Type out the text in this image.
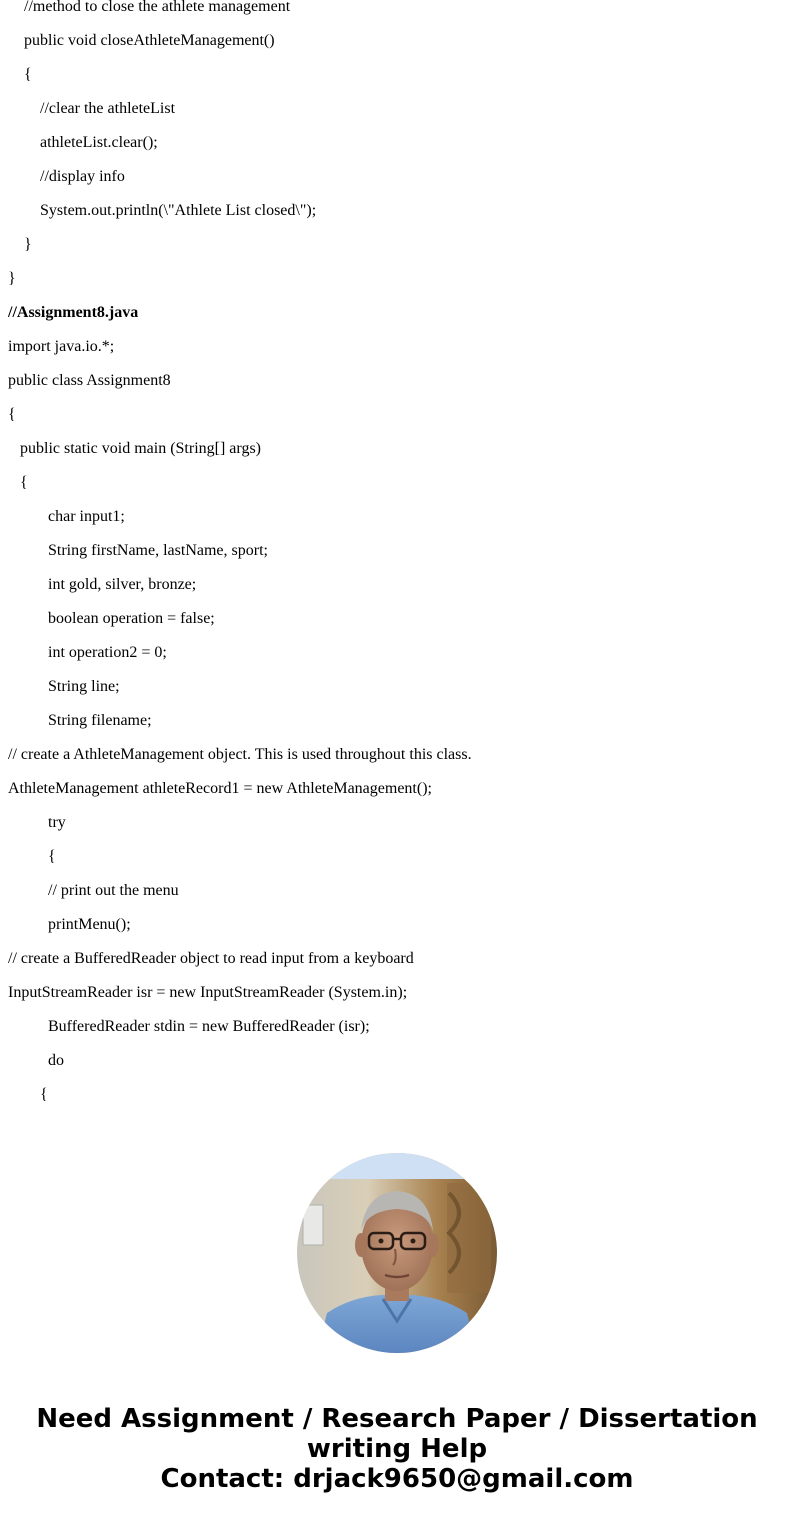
//method to close the athlete management
public void closeAthleteManagement()
{
//clear the athleteList
athleteList.clear();
//display info
System.out.println(\"Athlete List closed\");
}
}
//Assignment8.java
import java.io.*;
public class Assignment8
{
public static void main (String[] args)
{
char input1;
String firstName, lastName, sport;
int gold, silver, bronze;
boolean operation = false;
int operation2 = 0;
String line;
String filename;
// create a AthleteManagement object. This is used throughout this class.
AthleteManagement athleteRecord1 = new AthleteManagement();
try
{
// print out the menu
printMenu();
// create a BufferedReader object to read input from a keyboard
InputStreamReader isr = new InputStreamReader (System.in);
BufferedReader stdin = new BufferedReader (isr);
do
{
Need Assignment / Research Paper / Dissertation
writing Help
Contact: drjack9650@gmail.com
